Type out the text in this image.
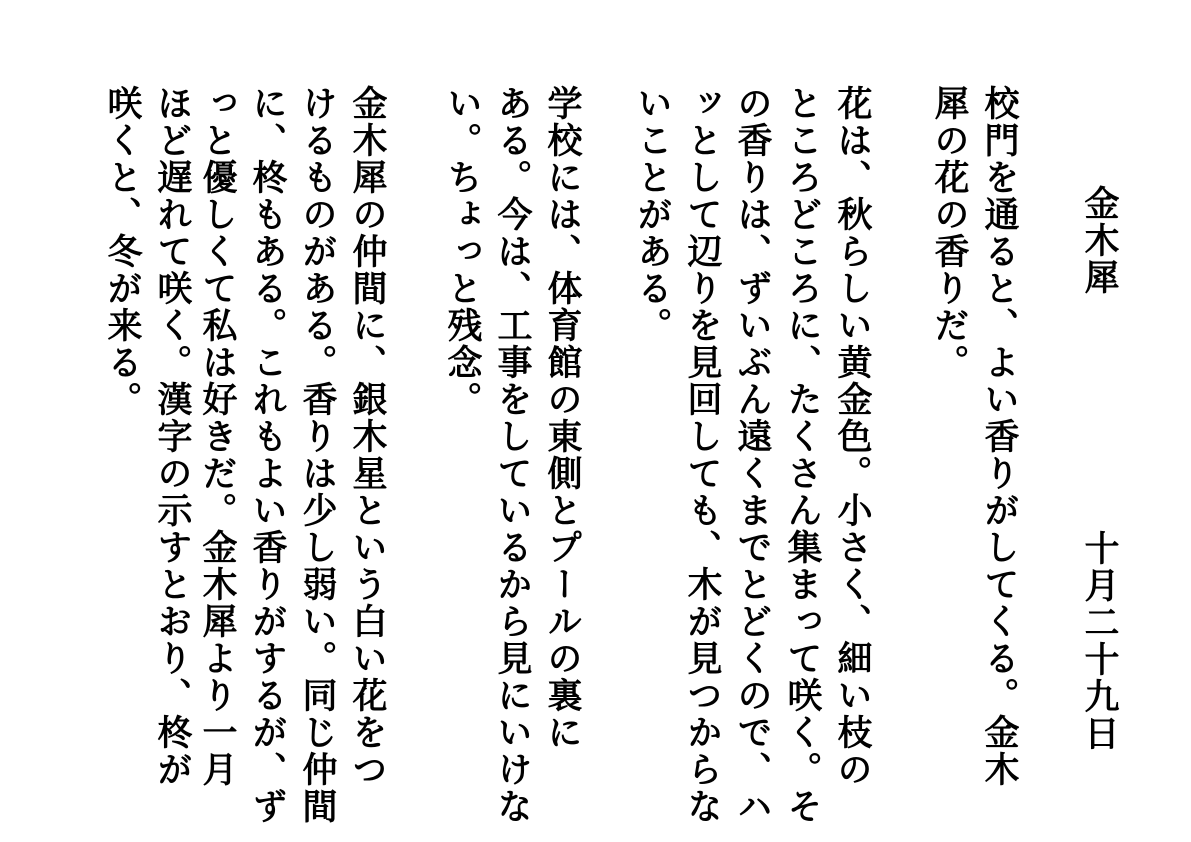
金木犀
十月二十九日

校門を通ると、よい香りがしてくる。金木

犀の花の香りだ。

花は、秋らしい黄金色。小さく、細い枝の

ところどころに、たくさん集まって咲く。そ

の香りは、ずいぶん遠くまでとどくので、ハ

ッとして辺りを見回しても、木が見つからな

いことがある。

学校には、体育館の東側とプールの裏に

ある。今は、工事をしているから見にいけな

い。ちょっと残念。

金木犀の仲間に、銀木星という白い花をつ

けるものがある。香りは少し弱い。同じ仲間

に、柊もある。これもよい香りがするが、ず

っと優しくて私は好きだ。金木犀より一月

ほど遅れて咲く。漢字の示すとおり、柊が

咲くと、冬が来る。
